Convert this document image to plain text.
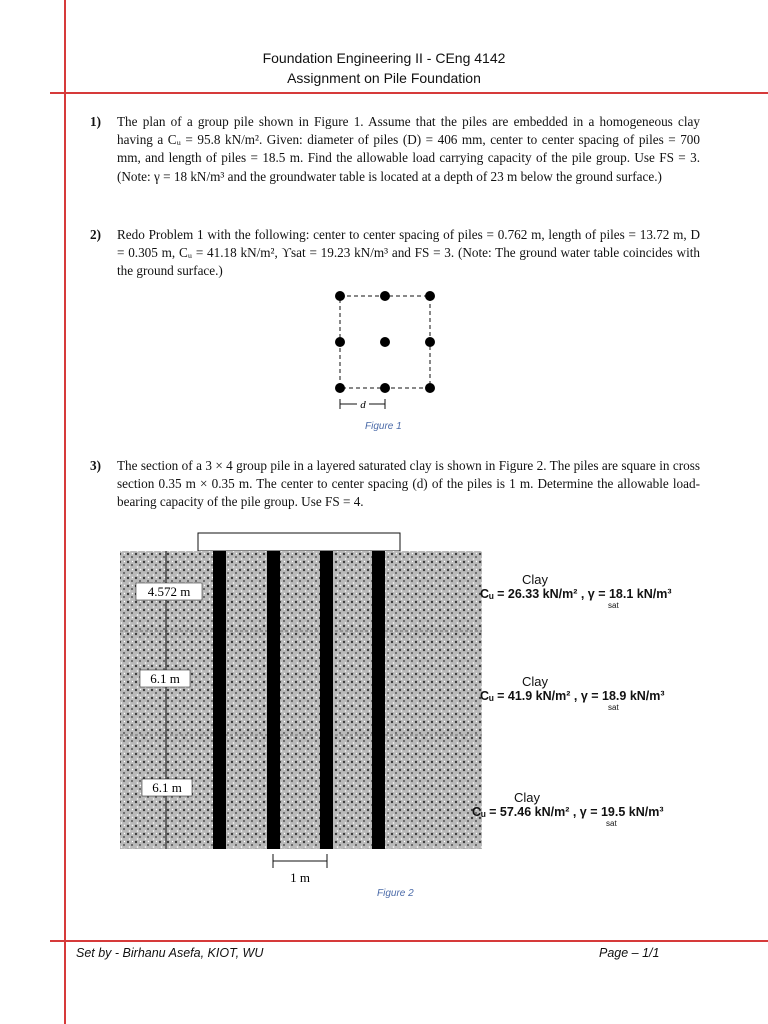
Foundation Engineering II - CEng 4142
Assignment on Pile Foundation
1) The plan of a group pile shown in Figure 1. Assume that the piles are embedded in a homogeneous clay having a Cᵤ = 95.8 kN/m². Given: diameter of piles (D) = 406 mm, center to center spacing of piles = 700 mm, and length of piles = 18.5 m. Find the allowable load carrying capacity of the pile group. Use FS = 3. (Note: γ = 18 kN/m³ and the groundwater table is located at a depth of 23 m below the ground surface.)
2) Redo Problem 1 with the following: center to center spacing of piles = 0.762 m, length of piles = 13.72 m, D = 0.305 m, Cᵤ = 41.18 kN/m², ϒsat = 19.23 kN/m³ and FS = 3. (Note: The ground water table coincides with the ground surface.)
d
Figure 1
3) The section of a 3 × 4 group pile in a layered saturated clay is shown in Figure 2. The piles are square in cross section 0.35 m × 0.35 m. The center to center spacing (d) of the piles is 1 m. Determine the allowable load-bearing capacity of the pile group. Use FS = 4.
4.572 m
6.1 m
6.1 m
1 m
Clay
Cᵤ = 26.33 kN/m² , γ = 18.1 kN/m³
sat
Clay
Cᵤ = 41.9 kN/m² , γ = 18.9 kN/m³
sat
Clay
Cᵤ = 57.46 kN/m² , γ = 19.5 kN/m³
sat
Figure 2
Set by - Birhanu Asefa, KIOT, WU	Page – 1/1
